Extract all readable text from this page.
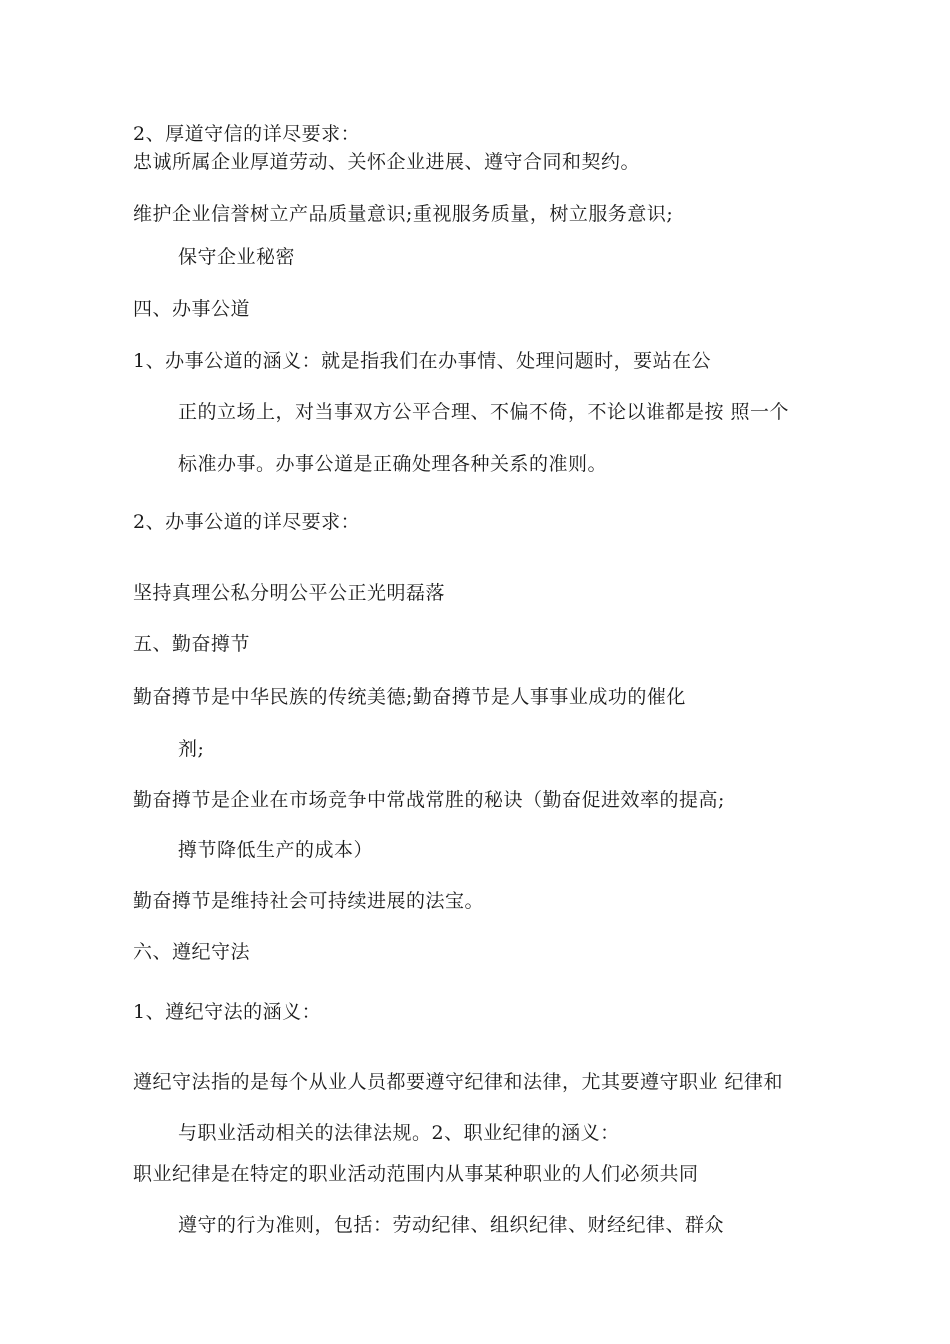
2、厚道守信的详尽要求：
忠诚所属企业厚道劳动、关怀企业进展、遵守合同和契约。
维护企业信誉树立产品质量意识;重视服务质量，树立服务意识;
保守企业秘密
四、办事公道
1、办事公道的涵义：就是指我们在办事情、处理问题时，要站在公
正的立场上，对当事双方公平合理、不偏不倚，不论以谁都是按 照一个
标准办事。办事公道是正确处理各种关系的准则。
2、办事公道的详尽要求：
坚持真理公私分明公平公正光明磊落
五、勤奋撙节
勤奋撙节是中华民族的传统美德;勤奋撙节是人事事业成功的催化
剂;
勤奋撙节是企业在市场竞争中常战常胜的秘诀（勤奋促进效率的提高;
撙节降低生产的成本）
勤奋撙节是维持社会可持续进展的法宝。
六、遵纪守法
1、遵纪守法的涵义：
遵纪守法指的是每个从业人员都要遵守纪律和法律，尤其要遵守职业 纪律和
与职业活动相关的法律法规。2、职业纪律的涵义：
职业纪律是在特定的职业活动范围内从事某种职业的人们必须共同
遵守的行为准则，包括：劳动纪律、组织纪律、财经纪律、群众
